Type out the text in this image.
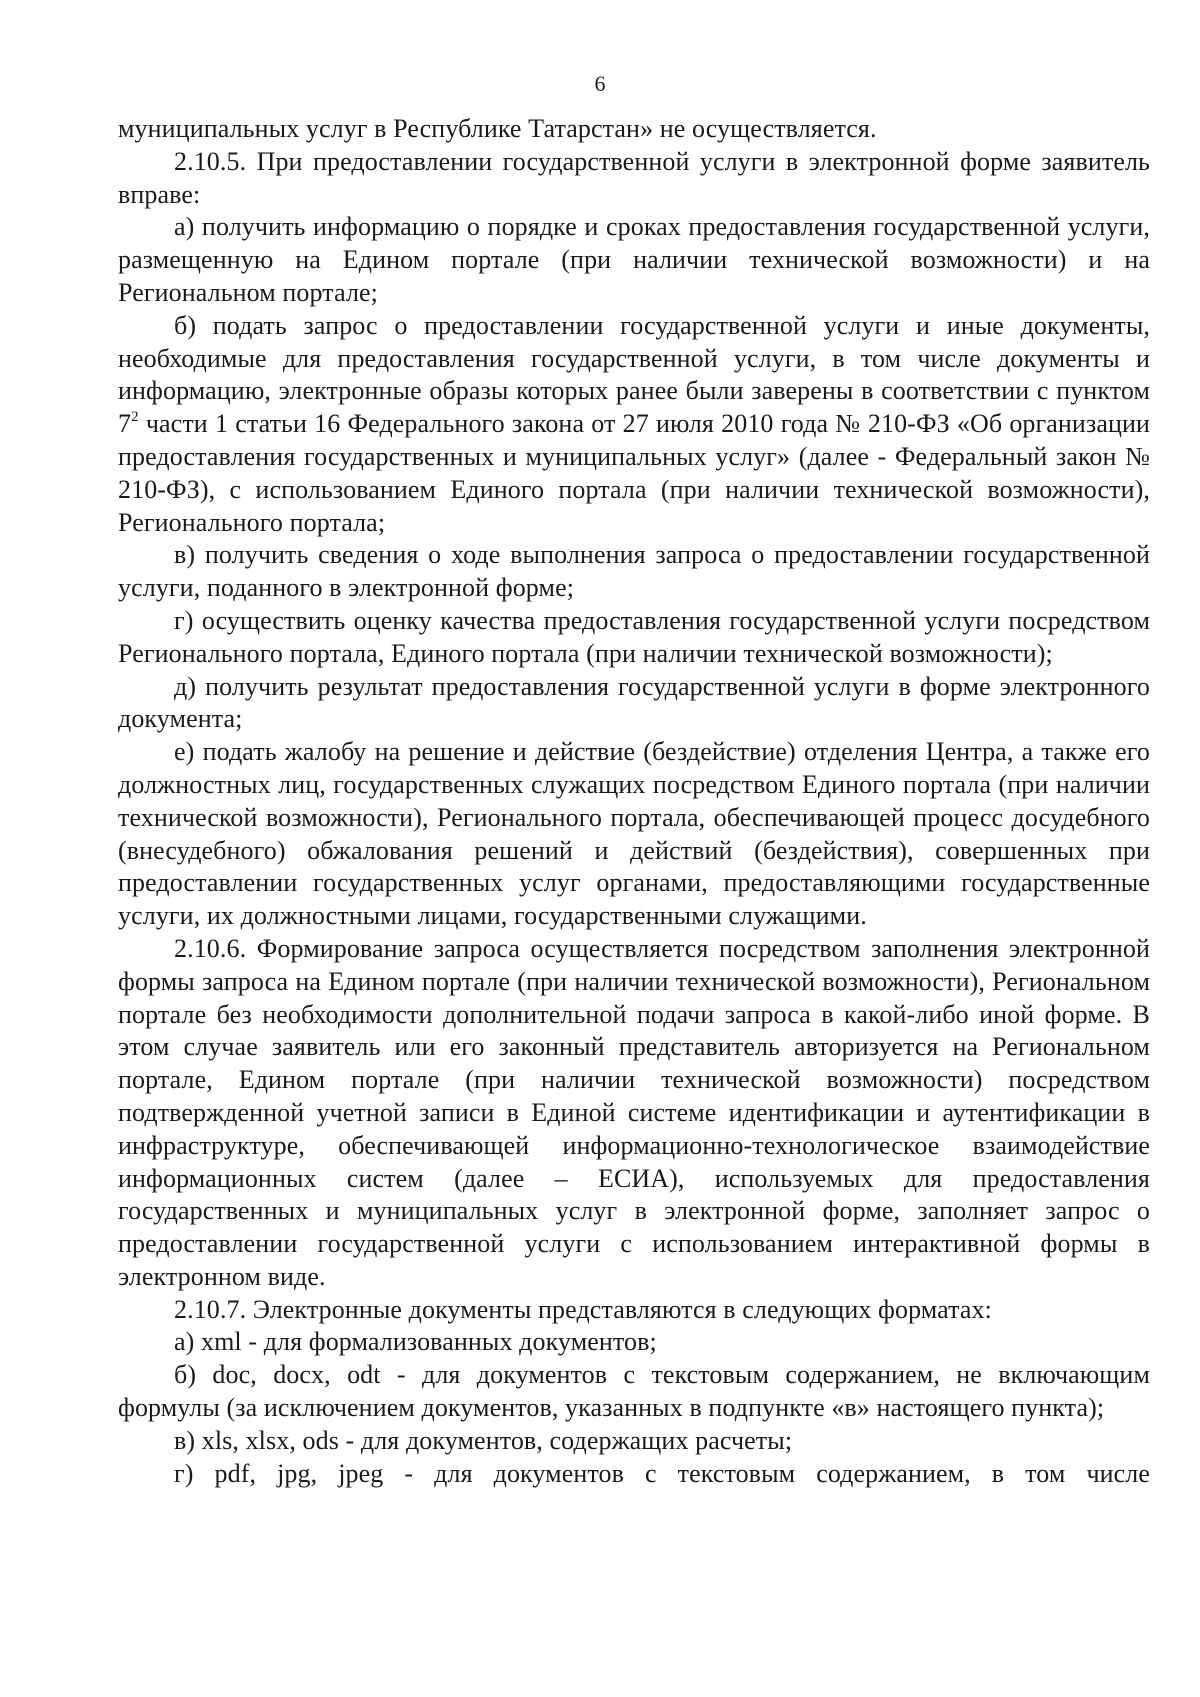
6

муниципальных услуг в Республике Татарстан» не осуществляется.

2.10.5. При предоставлении государственной услуги в электронной форме заявитель вправе:

а) получить информацию о порядке и сроках предоставления государственной услуги, размещенную на Едином портале (при наличии технической возможности) и на Региональном портале;

б) подать запрос о предоставлении государственной услуги и иные документы, необходимые для предоставления государственной услуги, в том числе документы и информацию, электронные образы которых ранее были заверены в соответствии с пунктом $7^2$ части 1 статьи 16 Федерального закона от 27 июля 2010 года № 210-ФЗ «Об организации предоставления государственных и муниципальных услуг» (далее - Федеральный закон № 210-ФЗ), с использованием Единого портала (при наличии технической возможности), Регионального портала;

в) получить сведения о ходе выполнения запроса о предоставлении государственной услуги, поданного в электронной форме;

г) осуществить оценку качества предоставления государственной услуги посредством Регионального портала, Единого портала (при наличии технической возможности);

д) получить результат предоставления государственной услуги в форме электронного документа;

е) подать жалобу на решение и действие (бездействие) отделения Центра, а также его должностных лиц, государственных служащих посредством Единого портала (при наличии технической возможности), Регионального портала, обеспечивающей процесс досудебного (внесудебного) обжалования решений и действий (бездействия), совершенных при предоставлении государственных услуг органами, предоставляющими государственные услуги, их должностными лицами, государственными служащими.

2.10.6. Формирование запроса осуществляется посредством заполнения электронной формы запроса на Едином портале (при наличии технической возможности), Региональном портале без необходимости дополнительной подачи запроса в какой-либо иной форме. В этом случае заявитель или его законный представитель авторизуется на Региональном портале, Едином портале (при наличии технической возможности) посредством подтвержденной учетной записи в Единой системе идентификации и аутентификации в инфраструктуре, обеспечивающей информационно-технологическое взаимодействие информационных систем (далее – ЕСИА), используемых для предоставления государственных и муниципальных услуг в электронной форме, заполняет запрос о предоставлении государственной услуги с использованием интерактивной формы в электронном виде.

2.10.7. Электронные документы представляются в следующих форматах:

а) xml - для формализованных документов;

б) doc, docx, odt - для документов с текстовым содержанием, не включающим формулы (за исключением документов, указанных в подпункте «в» настоящего пункта);

в) xls, xlsx, ods - для документов, содержащих расчеты;

г) pdf, jpg, jpeg - для документов с текстовым содержанием, в том числе
